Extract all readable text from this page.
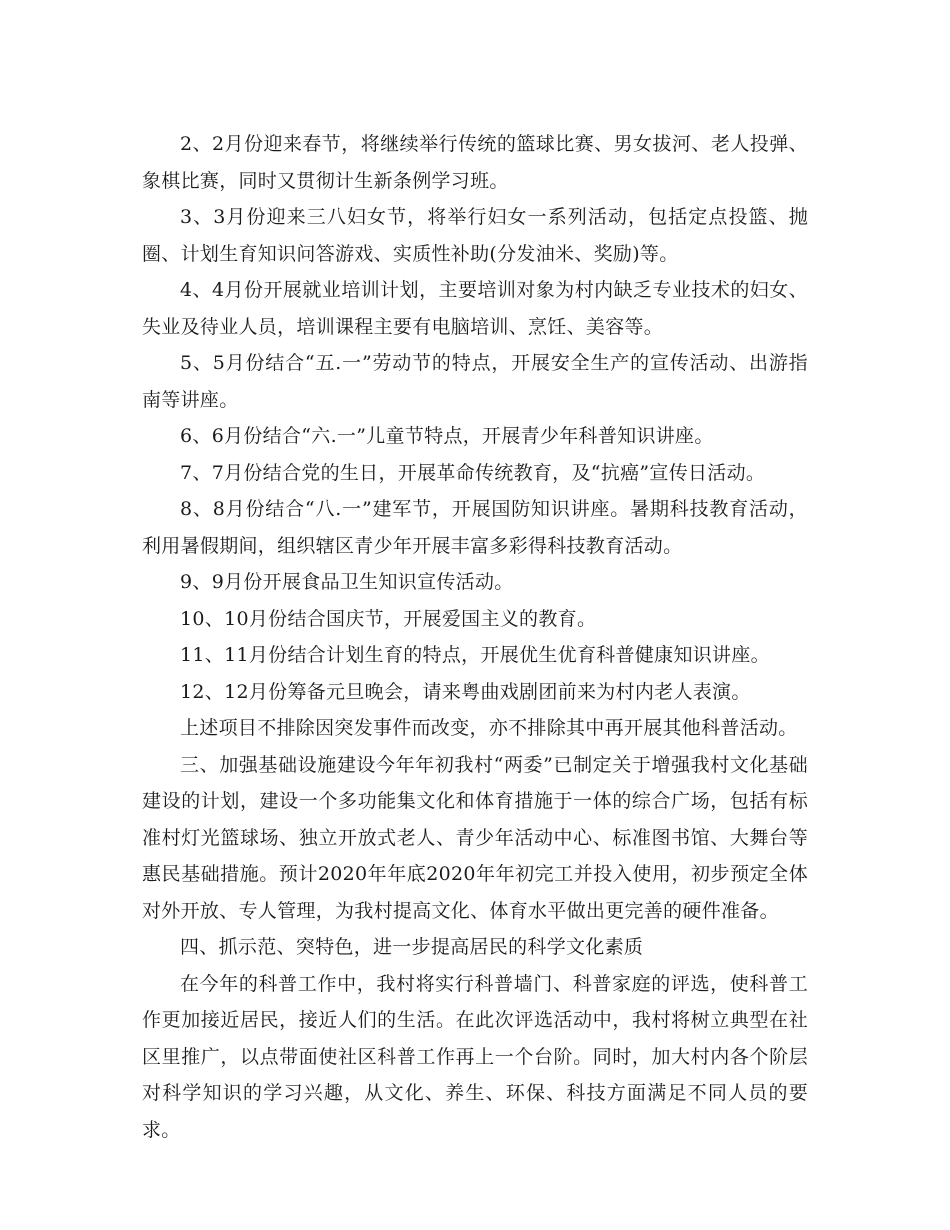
2、2月份迎来春节，将继续举行传统的篮球比赛、男女拔河、老人投弹、象棋比赛，同时又贯彻计生新条例学习班。

3、3月份迎来三八妇女节，将举行妇女一系列活动，包括定点投篮、抛圈、计划生育知识问答游戏、实质性补助(分发油米、奖励)等。

4、4月份开展就业培训计划，主要培训对象为村内缺乏专业技术的妇女、失业及待业人员，培训课程主要有电脑培训、烹饪、美容等。

5、5月份结合“五.一”劳动节的特点，开展安全生产的宣传活动、出游指南等讲座。

6、6月份结合“六.一”儿童节特点，开展青少年科普知识讲座。

7、7月份结合党的生日，开展革命传统教育，及“抗癌”宣传日活动。

8、8月份结合“八.一”建军节，开展国防知识讲座。暑期科技教育活动，利用暑假期间，组织辖区青少年开展丰富多彩得科技教育活动。

9、9月份开展食品卫生知识宣传活动。

10、10月份结合国庆节，开展爱国主义的教育。

11、11月份结合计划生育的特点，开展优生优育科普健康知识讲座。

12、12月份筹备元旦晚会，请来粤曲戏剧团前来为村内老人表演。

上述项目不排除因突发事件而改变，亦不排除其中再开展其他科普活动。

三、加强基础设施建设今年年初我村“两委”已制定关于增强我村文化基础建设的计划，建设一个多功能集文化和体育措施于一体的综合广场，包括有标准村灯光篮球场、独立开放式老人、青少年活动中心、标准图书馆、大舞台等惠民基础措施。预计2020年年底2020年年初完工并投入使用，初步预定全体对外开放、专人管理，为我村提高文化、体育水平做出更完善的硬件准备。

四、抓示范、突特色，进一步提高居民的科学文化素质

在今年的科普工作中，我村将实行科普墙门、科普家庭的评选，使科普工作更加接近居民，接近人们的生活。在此次评选活动中，我村将树立典型在社区里推广，以点带面使社区科普工作再上一个台阶。同时，加大村内各个阶层对科学知识的学习兴趣，从文化、养生、环保、科技方面满足不同人员的要求。
